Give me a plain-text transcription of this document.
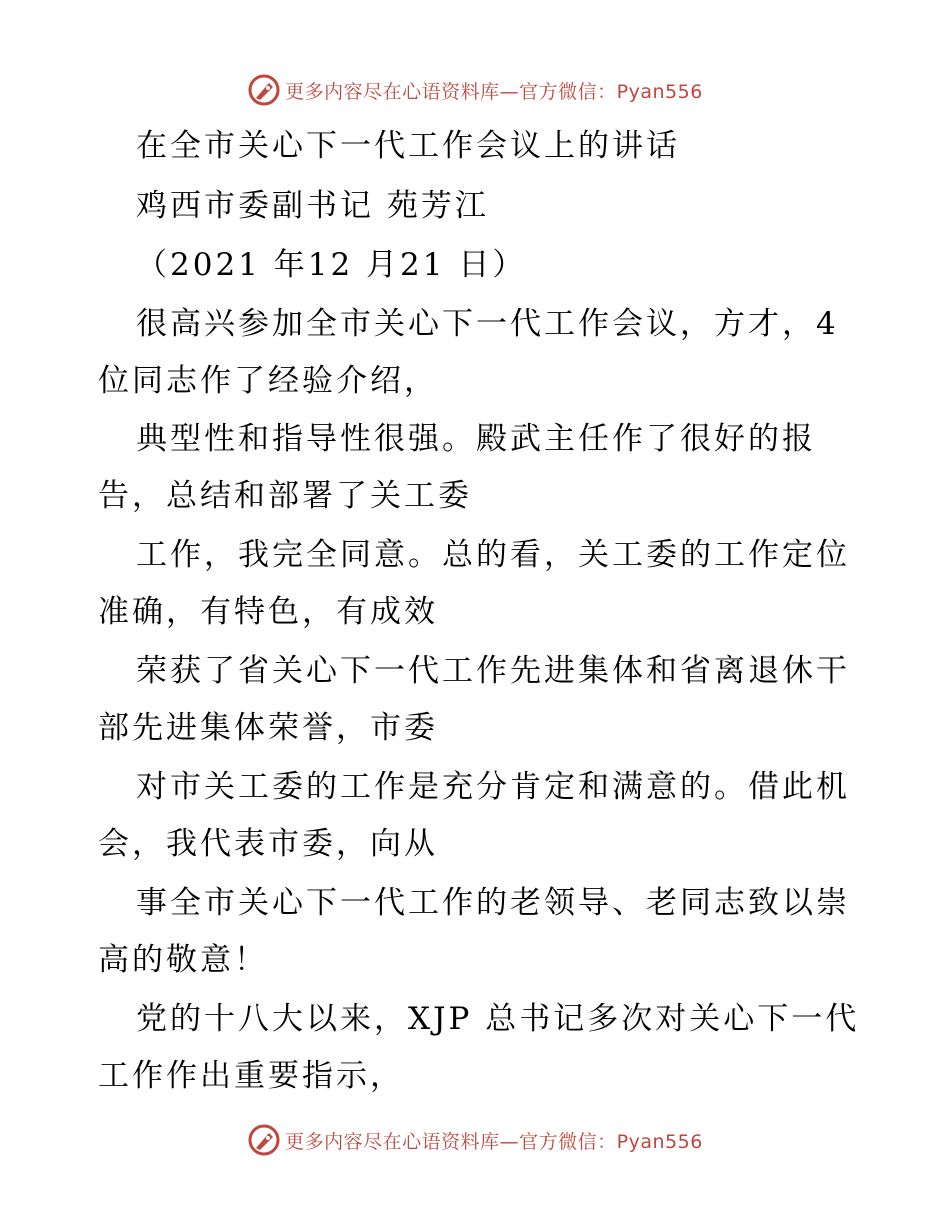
更多内容尽在心语资料库—官方微信：Pyan556
在全市关心下一代工作会议上的讲话
鸡西市委副书记 苑芳江
（2021 年12 月21 日）
很高兴参加全市关心下一代工作会议，方才，4
位同志作了经验介绍，
典型性和指导性很强。殿武主任作了很好的报
告，总结和部署了关工委
工作，我完全同意。总的看，关工委的工作定位
准确，有特色，有成效
荣获了省关心下一代工作先进集体和省离退休干
部先进集体荣誉，市委
对市关工委的工作是充分肯定和满意的。借此机
会，我代表市委，向从
事全市关心下一代工作的老领导、老同志致以崇
高的敬意！
党的十八大以来，XJP 总书记多次对关心下一代
工作作出重要指示，
更多内容尽在心语资料库—官方微信：Pyan556
